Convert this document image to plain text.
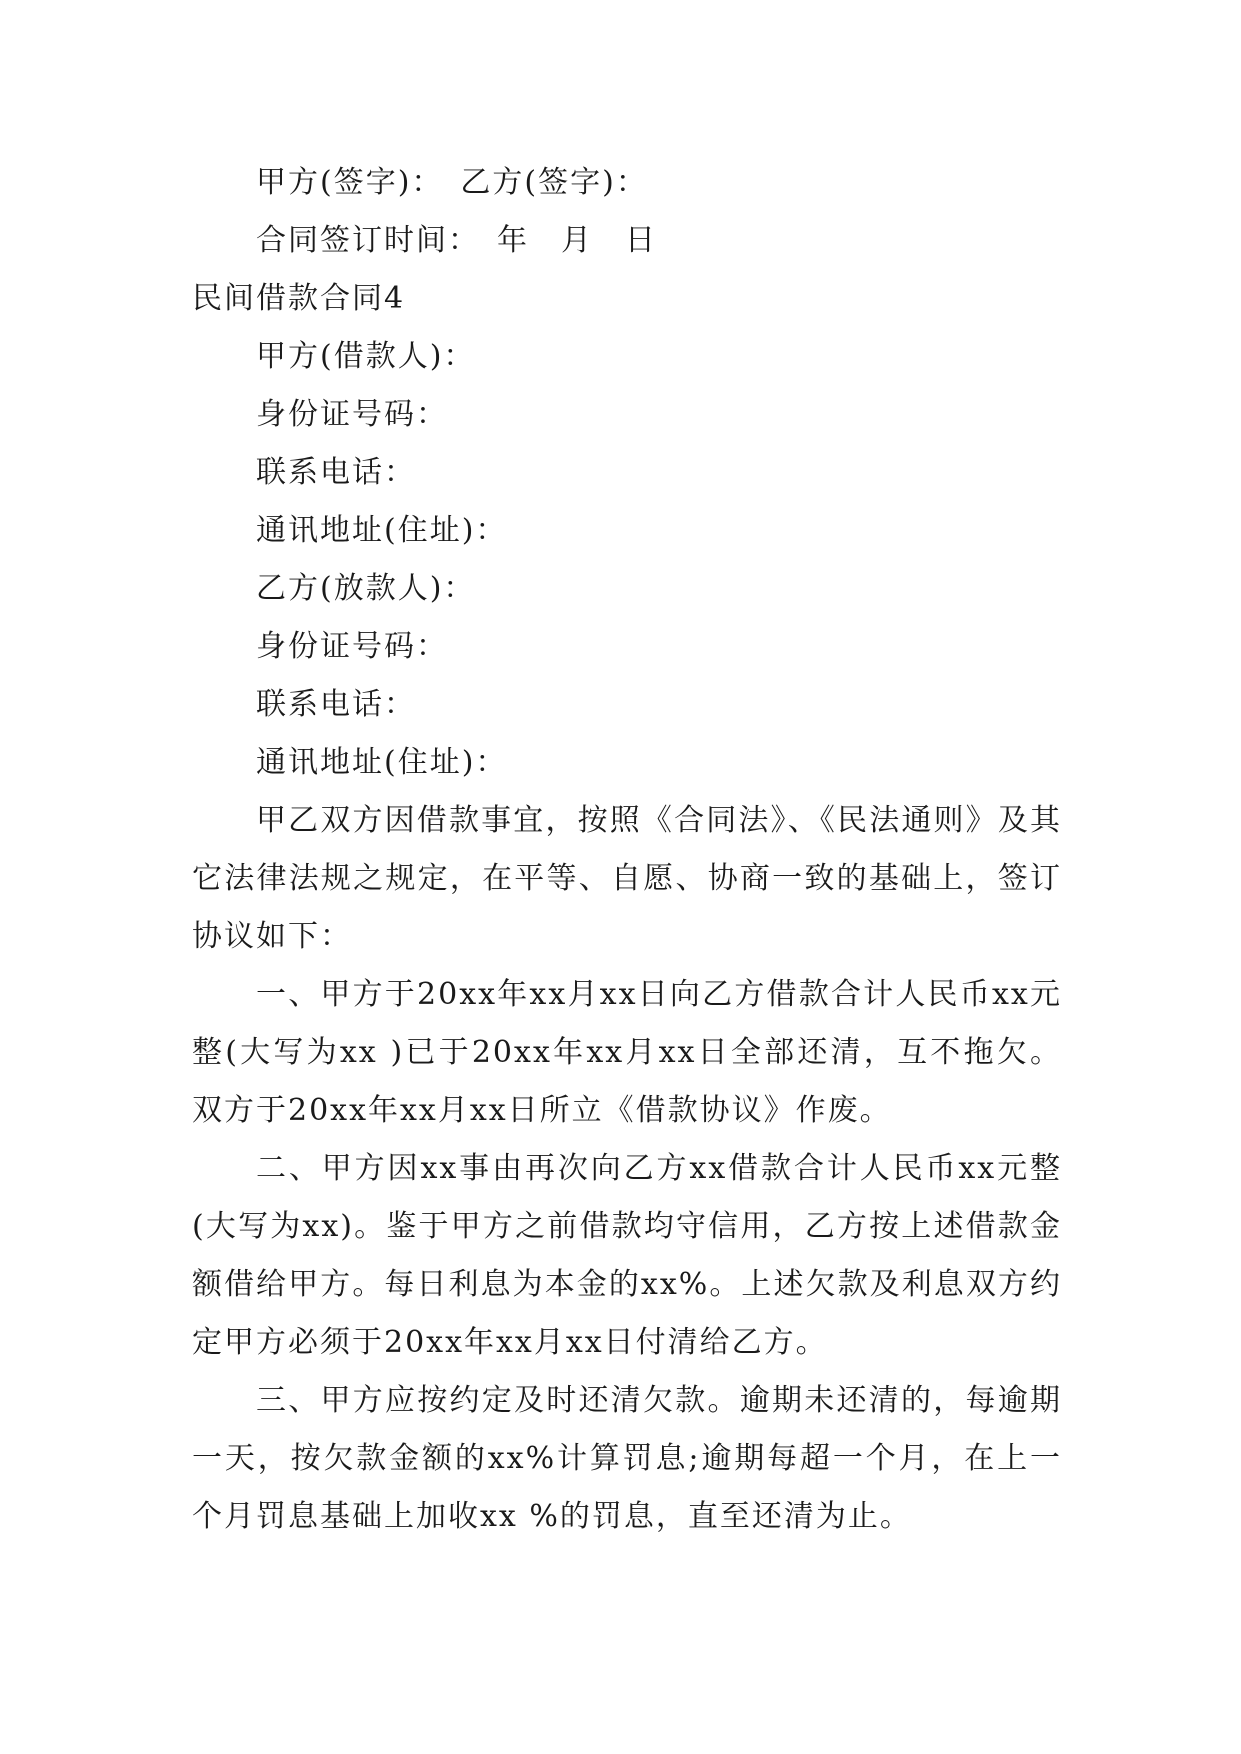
甲方(签字)：　 乙方(签字)：
合同签订时间：　年　月　日
民间借款合同4
甲方(借款人)：
身份证号码：
联系电话：
通讯地址(住址)：
乙方(放款人)：
身份证号码：
联系电话：
通讯地址(住址)：

甲乙双方因借款事宜，按照《合同法》、《民法通则》及其它法律法规之规定，在平等、自愿、协商一致的基础上，签订协议如下：

一、甲方于20xx年xx月xx日向乙方借款合计人民币xx元整(大写为xx )已于20xx年xx月xx日全部还清，互不拖欠。双方于20xx年xx月xx日所立《借款协议》作废。

二、甲方因xx事由再次向乙方xx借款合计人民币xx元整(大写为xx)。鉴于甲方之前借款均守信用，乙方按上述借款金额借给甲方。每日利息为本金的xx%。上述欠款及利息双方约定甲方必须于20xx年xx月xx日付清给乙方。

三、甲方应按约定及时还清欠款。逾期未还清的，每逾期一天，按欠款金额的xx%计算罚息;逾期每超一个月，在上一个月罚息基础上加收xx %的罚息，直至还清为止。
